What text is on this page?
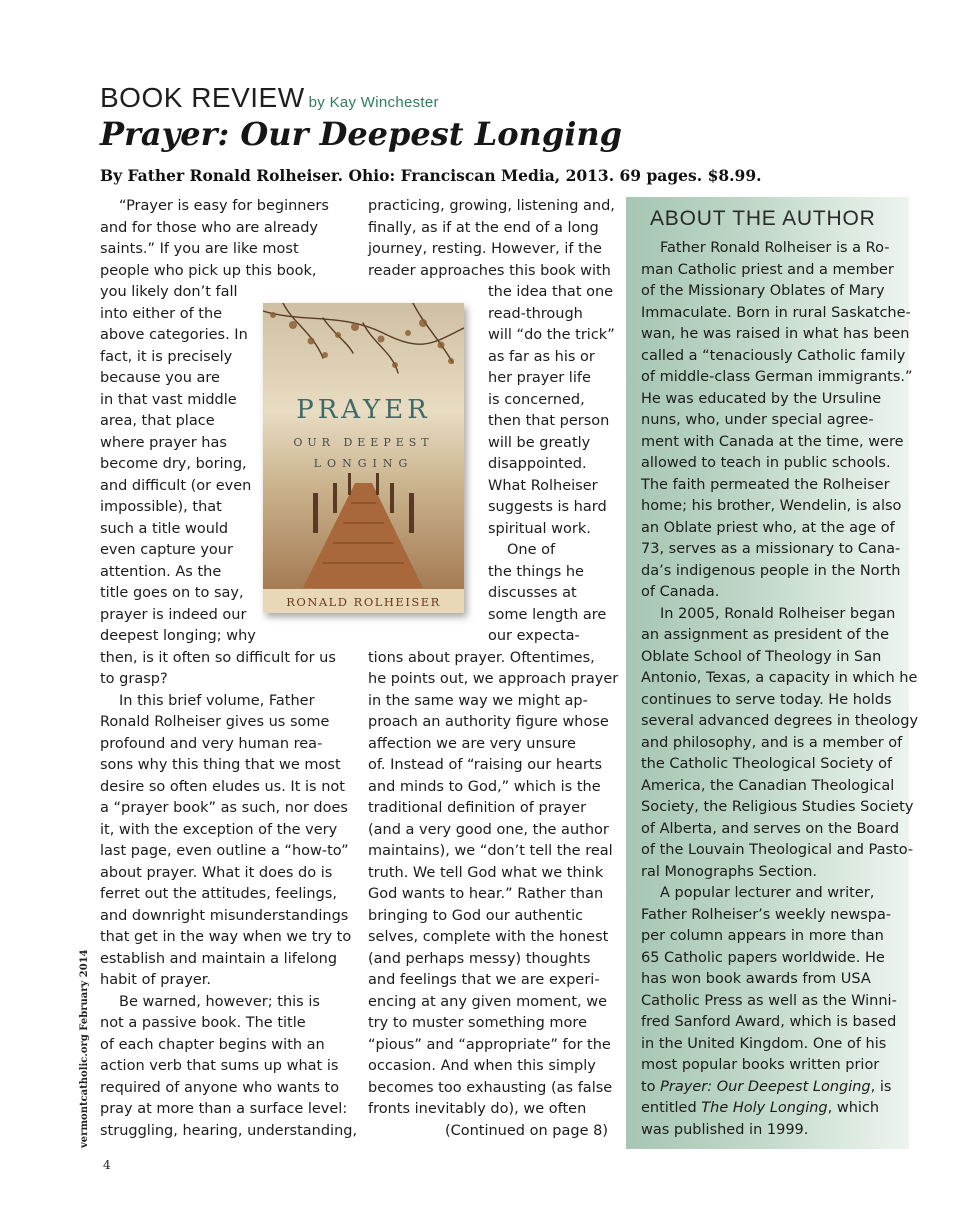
BOOK REVIEW by Kay Winchester
Prayer: Our Deepest Longing
By Father Ronald Rolheiser. Ohio: Franciscan Media, 2013. 69 pages. $8.99.

“Prayer is easy for beginners

and for those who are already

saints.” If you are like most

people who pick up this book,

you likely don’t fall

into either of the

above categories. In

fact, it is precisely

because you are

in that vast middle

area, that place

where prayer has

become dry, boring,

and difficult (or even

impossible), that

such a title would

even capture your

attention. As the

title goes on to say,

prayer is indeed our

deepest longing; why

then, is it often so difficult for us

to grasp?

In this brief volume, Father

Ronald Rolheiser gives us some

profound and very human rea-

sons why this thing that we most

desire so often eludes us. It is not

a “prayer book” as such, nor does

it, with the exception of the very

last page, even outline a “how-to”

about prayer. What it does do is

ferret out the attitudes, feelings,

and downright misunderstandings

that get in the way when we try to

establish and maintain a lifelong

habit of prayer.

Be warned, however; this is

not a passive book. The title

of each chapter begins with an

action verb that sums up what is

required of anyone who wants to

pray at more than a surface level:

struggling, hearing, understanding,

practicing, growing, listening and,

finally, as if at the end of a long

journey, resting. However, if the

reader approaches this book with

the idea that one

read-through

will “do the trick”

as far as his or

her prayer life

is concerned,

then that person

will be greatly

disappointed.

What Rolheiser

suggests is hard

spiritual work.

One of

the things he

discusses at

some length are

our expecta-

tions about prayer. Oftentimes,

he points out, we approach prayer

in the same way we might ap-

proach an authority figure whose

affection we are very unsure

of. Instead of “raising our hearts

and minds to God,” which is the

traditional definition of prayer

(and a very good one, the author

maintains), we “don’t tell the real

truth. We tell God what we think

God wants to hear.” Rather than

bringing to God our authentic

selves, complete with the honest

(and perhaps messy) thoughts

and feelings that we are experi-

encing at any given moment, we

try to muster something more

“pious” and “appropriate” for the

occasion. And when this simply

becomes too exhausting (as false

fronts inevitably do), we often

(Continued on page 8)

PRAYER
OUR DEEPEST
LONGING
RONALD ROLHEISER
ABOUT THE AUTHOR

Father Ronald Rolheiser is a Ro-

man Catholic priest and a member

of the Missionary Oblates of Mary

Immaculate. Born in rural Saskatche-

wan, he was raised in what has been

called a “tenaciously Catholic family

of middle-class German immigrants.”

He was educated by the Ursuline

nuns, who, under special agree-

ment with Canada at the time, were

allowed to teach in public schools.

The faith permeated the Rolheiser

home; his brother, Wendelin, is also

an Oblate priest who, at the age of

73, serves as a missionary to Cana-

da’s indigenous people in the North

of Canada.

In 2005, Ronald Rolheiser began

an assignment as president of the

Oblate School of Theology in San

Antonio, Texas, a capacity in which he

continues to serve today. He holds

several advanced degrees in theology

and philosophy, and is a member of

the Catholic Theological Society of

America, the Canadian Theological

Society, the Religious Studies Society

of Alberta, and serves on the Board

of the Louvain Theological and Pasto-

ral Monographs Section.

A popular lecturer and writer,

Father Rolheiser’s weekly newspa-

per column appears in more than

65 Catholic papers worldwide. He

has won book awards from USA

Catholic Press as well as the Winni-

fred Sanford Award, which is based

in the United Kingdom. One of his

most popular books written prior

to Prayer: Our Deepest Longing, is

entitled The Holy Longing, which

was published in 1999.

vermontcatholic.org February 2014
4
